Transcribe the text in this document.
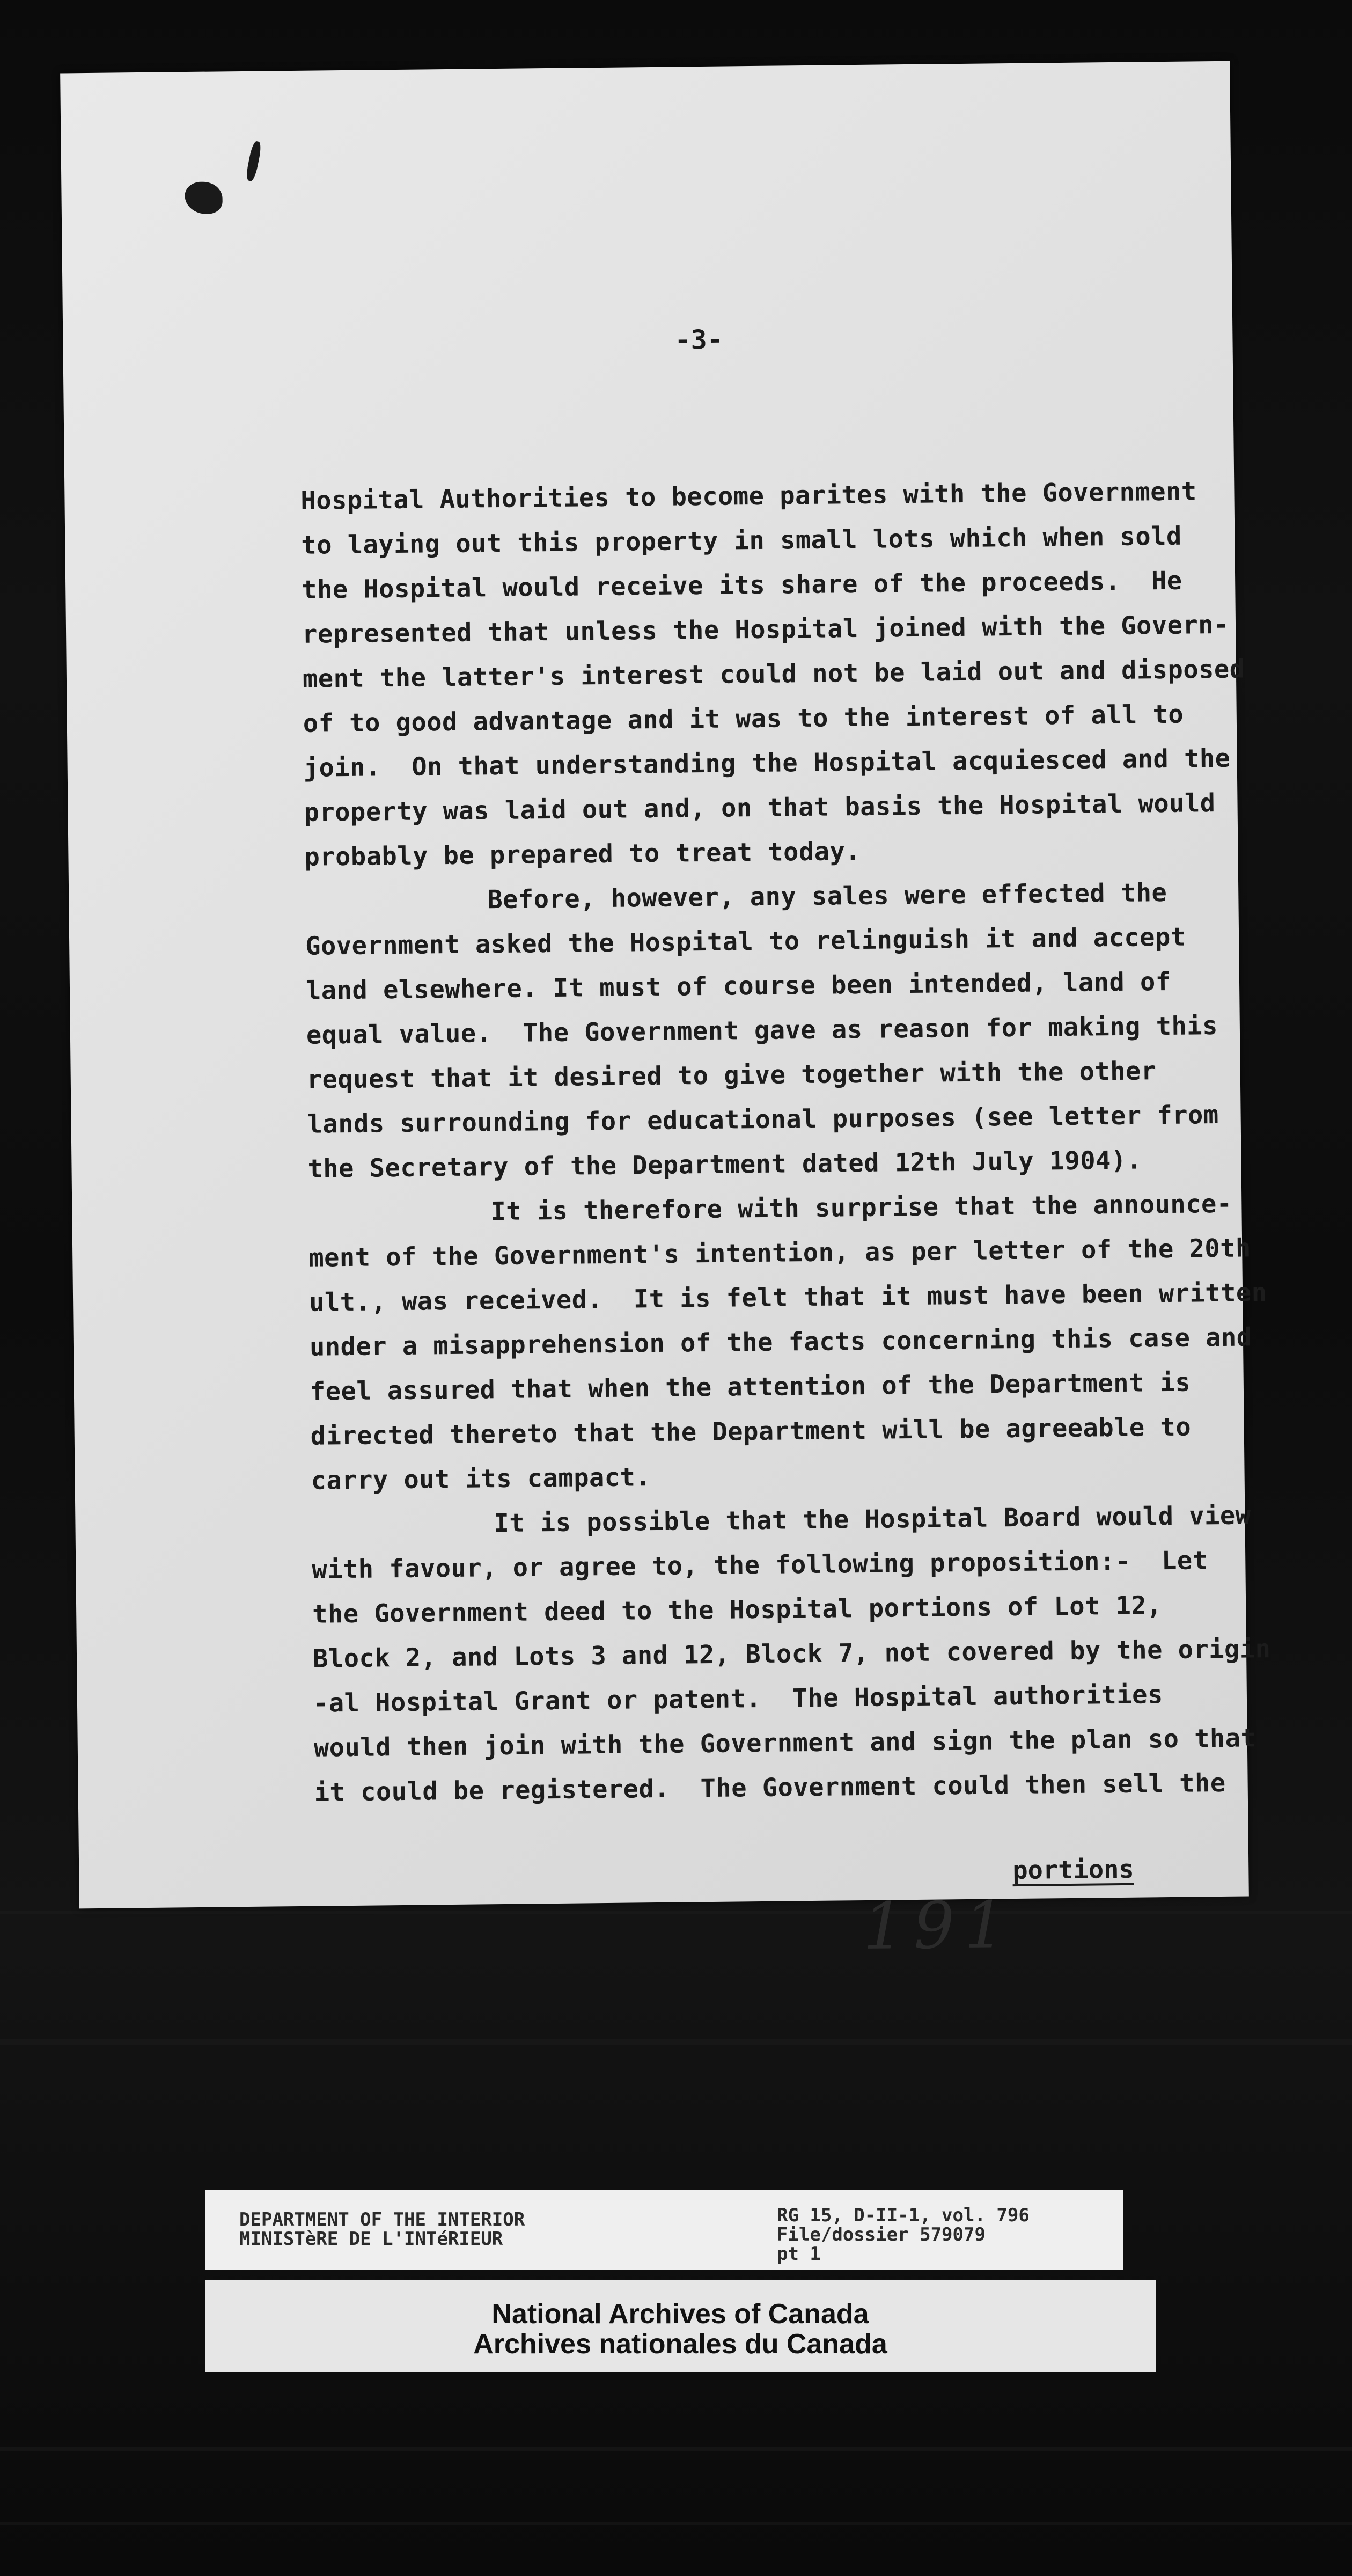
-3-
Hospital Authorities to become parites with the Government
to laying out this property in small lots which when sold
the Hospital would receive its share of the proceeds.  He
represented that unless the Hospital joined with the Govern-
ment the latter's interest could not be laid out and disposed
of to good advantage and it was to the interest of all to
join.  On that understanding the Hospital acquiesced and the
property was laid out and, on that basis the Hospital would
probably be prepared to treat today.
Before, however, any sales were effected the
Government asked the Hospital to relinguish it and accept
land elsewhere. It must of course been intended, land of
equal value.  The Government gave as reason for making this
request that it desired to give together with the other
lands surrounding for educational purposes (see letter from
the Secretary of the Department dated 12th July 1904).
It is therefore with surprise that the announce-
ment of the Government's intention, as per letter of the 20th
ult., was received.  It is felt that it must have been written
under a misapprehension of the facts concerning this case and
feel assured that when the attention of the Department is
directed thereto that the Department will be agreeable to
carry out its campact.
It is possible that the Hospital Board would view
with favour, or agree to, the following proposition:-  Let
the Government deed to the Hospital portions of Lot 12,
Block 2, and Lots 3 and 12, Block 7, not covered by the origin
-al Hospital Grant or patent.  The Hospital authorities
would then join with the Government and sign the plan so that
it could be registered.  The Government could then sell the
portions
191
DEPARTMENT OF THE INTERIOR
MINISTèRE DE L'INTéRIEUR
RG 15, D-II-1, vol. 796
File/dossier 579079
pt 1
National Archives of Canada
Archives nationales du Canada
